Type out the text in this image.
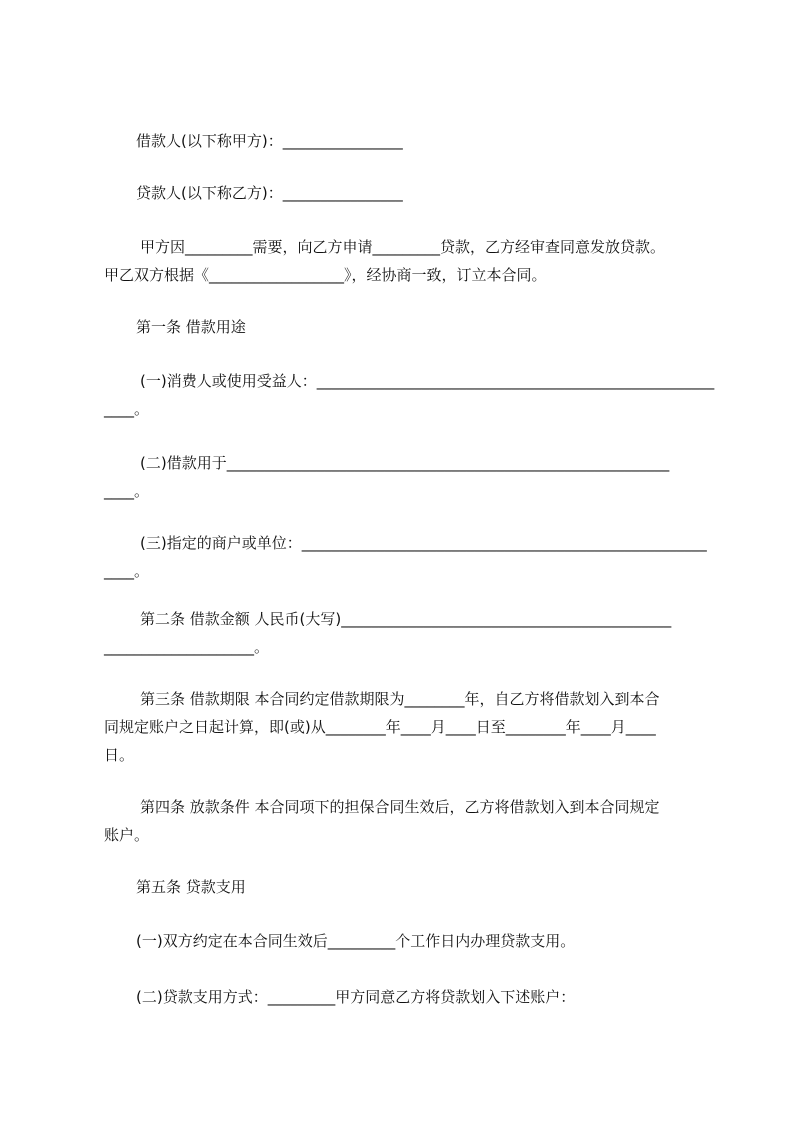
借款人(以下称甲方)：________________
贷款人(以下称乙方)：________________
甲方因_________需要，向乙方申请_________贷款，乙方经审查同意发放贷款。
甲乙双方根据《__________________》，经协商一致，订立本合同。
第一条 借款用途
(一)消费人或使用受益人：_____________________________________________________
____。
(二)借款用于___________________________________________________________
____。
(三)指定的商户或单位：______________________________________________________
____。
第二条 借款金额 人民币(大写)____________________________________________
____________________。
第三条 借款期限 本合同约定借款期限为________年，自乙方将借款划入到本合
同规定账户之日起计算，即(或)从________年____月____日至________年____月____
日。
第四条 放款条件 本合同项下的担保合同生效后，乙方将借款划入到本合同规定
账户。
第五条 贷款支用
(一)双方约定在本合同生效后_________个工作日内办理贷款支用。
(二)贷款支用方式：_________甲方同意乙方将贷款划入下述账户：
